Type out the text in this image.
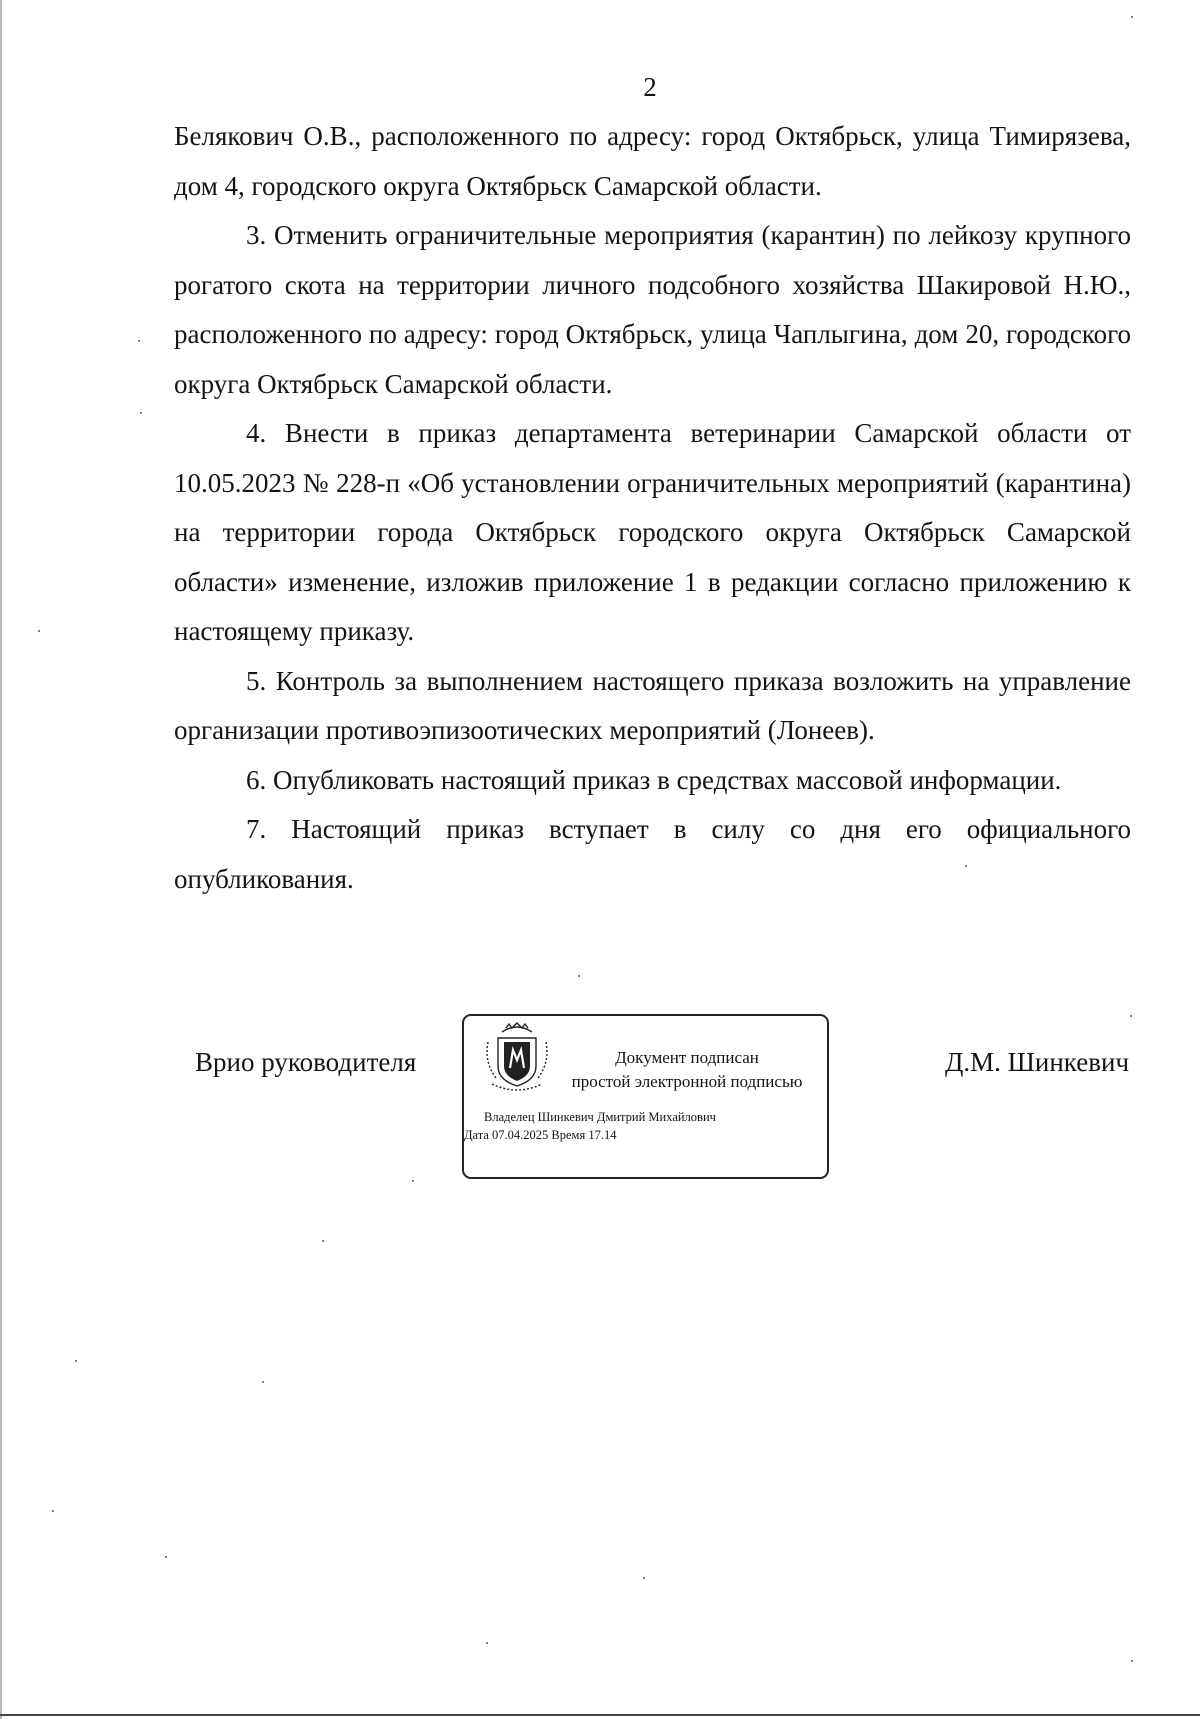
2

Белякович О.В., расположенного по адресу: город Октябрьск, улица Тимирязева, дом 4, городского округа Октябрьск Самарской области.

3. Отменить ограничительные мероприятия (карантин) по лейкозу крупного рогатого скота на территории личного подсобного хозяйства Шакировой Н.Ю., расположенного по адресу: город Октябрьск, улица Чаплыгина, дом 20, городского округа Октябрьск Самарской области.

4. Внести в приказ департамента ветеринарии Самарской области от 10.05.2023 № 228-п «Об установлении ограничительных мероприятий (карантина) на территории города Октябрьск городского округа Октябрьск Самарской области» изменение, изложив приложение 1 в редакции согласно приложению к настоящему приказу.

5. Контроль за выполнением настоящего приказа возложить на управление организации противоэпизоотических мероприятий (Лонеев).

6. Опубликовать настоящий приказ в средствах массовой информации.

7. Настоящий приказ вступает в силу со дня его официального опубликования.

Врио руководителя	Документ подписан
простой электронной подписью
Владелец Шинкевич Дмитрий Михайлович
Дата 07.04.2025 Время 17.14
Д.М. Шинкевич
